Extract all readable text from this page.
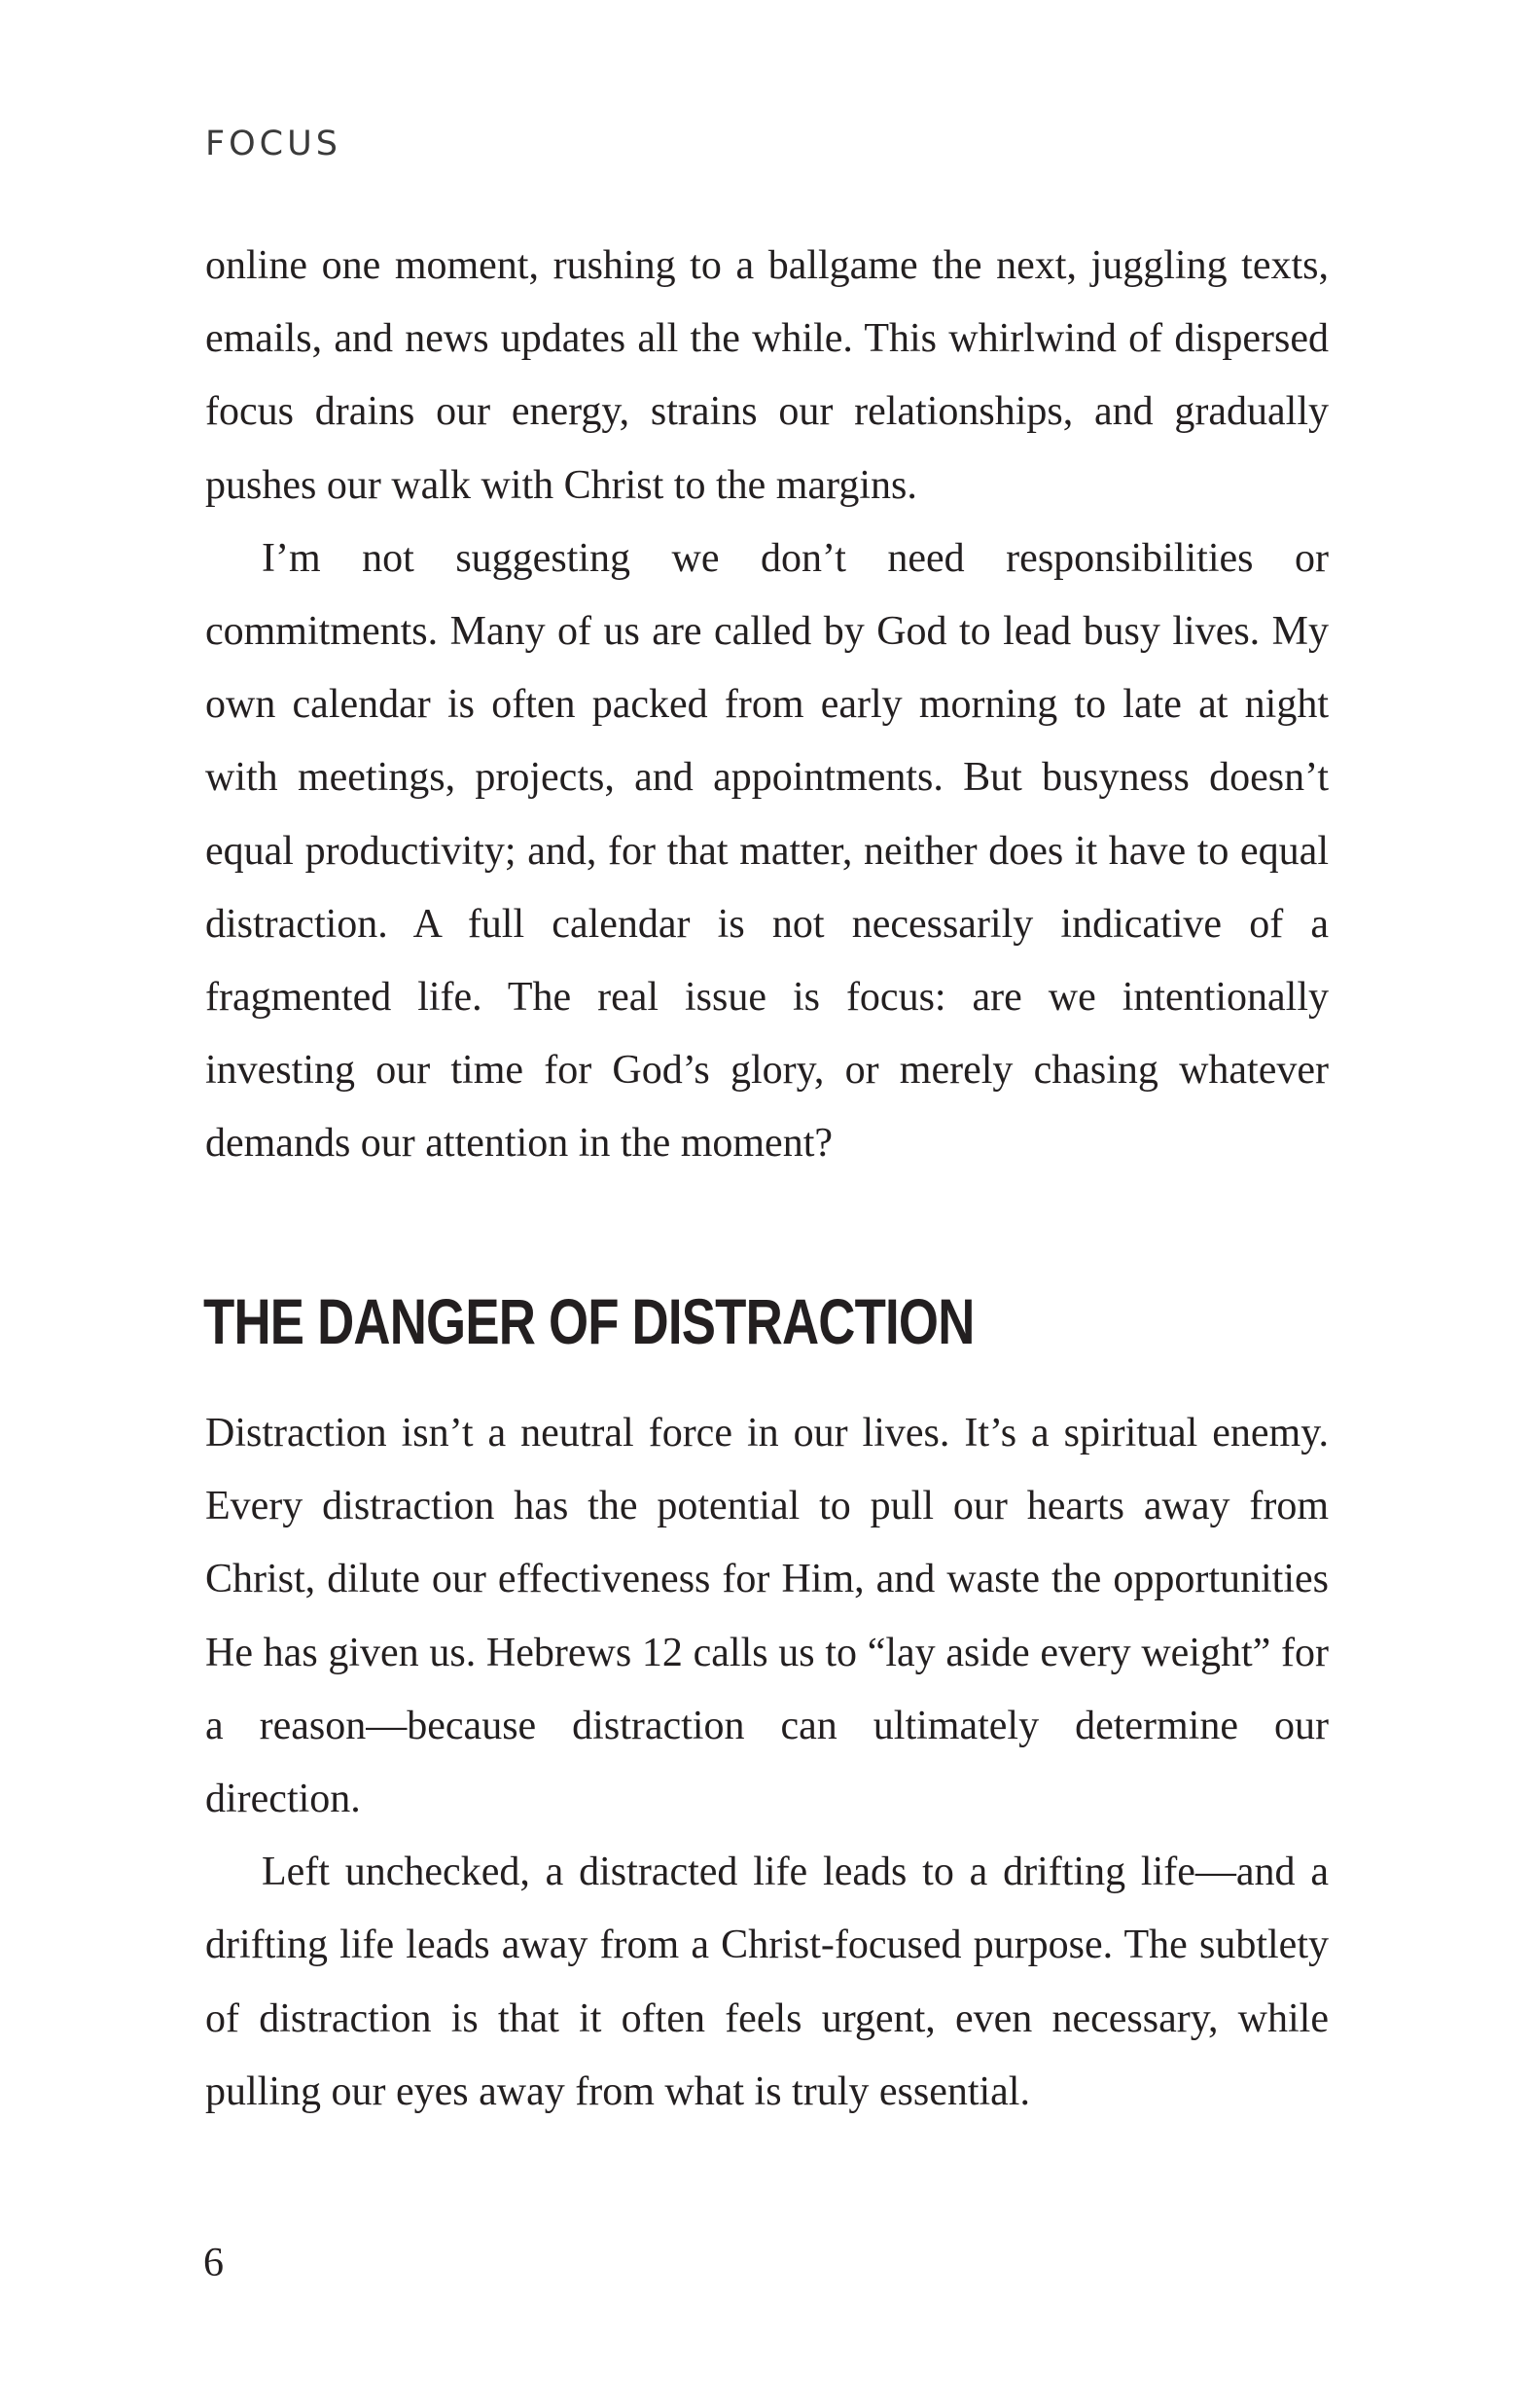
FOCUS

online one moment, rushing to a ballgame the next, juggling texts, emails, and news updates all the while. This whirlwind of dispersed focus drains our energy, strains our relationships, and gradually pushes our walk with Christ to the margins.

I’m not suggesting we don’t need responsibilities or commitments. Many of us are called by God to lead busy lives. My own calendar is often packed from early morning to late at night with meetings, projects, and appointments. But busyness doesn’t equal productivity; and, for that matter, neither does it have to equal distraction. A full calendar is not necessarily indicative of a fragmented life. The real issue is focus: are we intentionally investing our time for God’s glory, or merely chasing whatever demands our attention in the moment?

THE DANGER OF DISTRACTION

Distraction isn’t a neutral force in our lives. It’s a spiritual enemy. Every distraction has the potential to pull our hearts away from Christ, dilute our effectiveness for Him, and waste the opportunities He has given us. Hebrews 12 calls us to “lay aside every weight” for a reason—because distraction can ultimately determine our direction.

Left unchecked, a distracted life leads to a drifting life—and a drifting life leads away from a Christ-focused purpose. The subtlety of distraction is that it often feels urgent, even necessary, while pulling our eyes away from what is truly essential.

6
